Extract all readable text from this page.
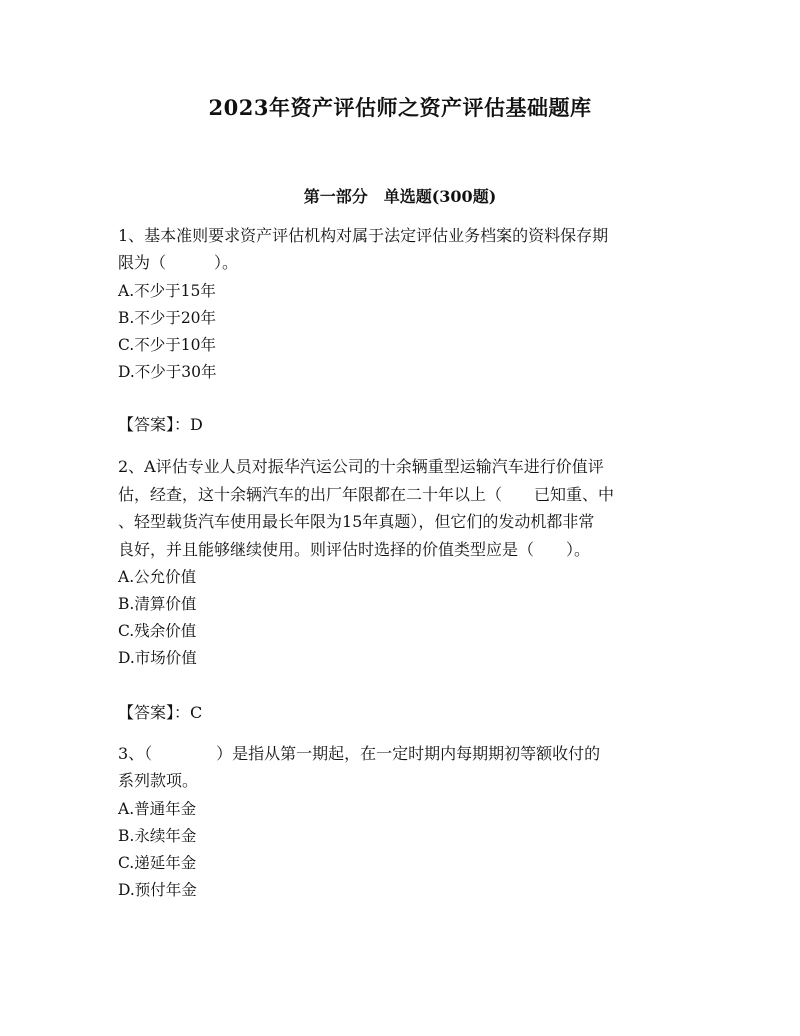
2023年资产评估师之资产评估基础题库
第一部分　单选题(300题)
1、基本准则要求资产评估机构对属于法定评估业务档案的资料保存期
限为（　　　）。
A.不少于15年
B.不少于20年
C.不少于10年
D.不少于30年
【答案】：D
2、A评估专业人员对振华汽运公司的十余辆重型运输汽车进行价值评
估，经查，这十余辆汽车的出厂年限都在二十年以上（　　已知重、中
、轻型载货汽车使用最长年限为15年真题），但它们的发动机都非常
良好，并且能够继续使用。则评估时选择的价值类型应是（　　）。
A.公允价值
B.清算价值
C.残余价值
D.市场价值
【答案】：C
3、（　　　　）是指从第一期起，在一定时期内每期期初等额收付的
系列款项。
A.普通年金
B.永续年金
C.递延年金
D.预付年金
